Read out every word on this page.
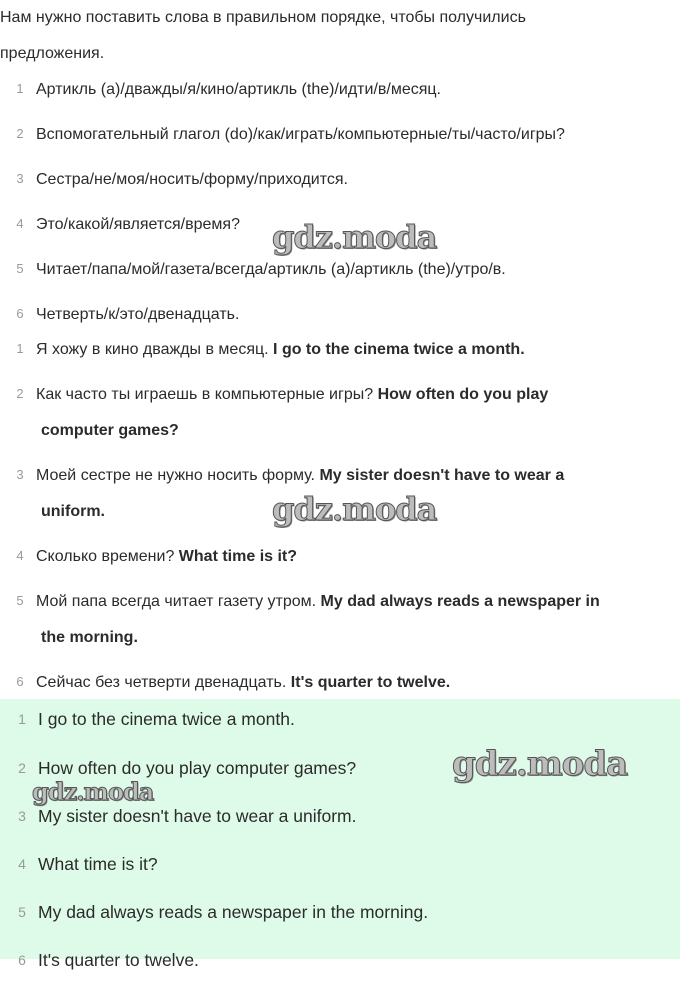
Нам нужно поставить слова в правильном порядке, чтобы получились
предложения.
1 Артикль (a)/дважды/я/кино/артикль (the)/идти/в/месяц.
2 Вспомогательный глагол (do)/как/играть/компьютерные/ты/часто/игры?
3 Сестра/не/моя/носить/форму/приходится.
4 Это/какой/является/время?
5 Читает/папа/мой/газета/всегда/артикль (a)/артикль (the)/утро/в.
6 Четверть/к/это/двенадцать.
1 Я хожу в кино дважды в месяц. I go to the cinema twice a month.
2 Как часто ты играешь в компьютерные игры? How often do you play
computer games?
3 Моей сестре не нужно носить форму. My sister doesn't have to wear a
uniform.
4 Сколько времени? What time is it?
5 Мой папа всегда читает газету утром. My dad always reads a newspaper in
the morning.
6 Сейчас без четверти двенадцать. It's quarter to twelve.
1 I go to the cinema twice a month.
2 How often do you play computer games?
3 My sister doesn't have to wear a uniform.
4 What time is it?
5 My dad always reads a newspaper in the morning.
6 It's quarter to twelve.
gdz.moda
gdz.moda
gdz.moda
gdz.moda
